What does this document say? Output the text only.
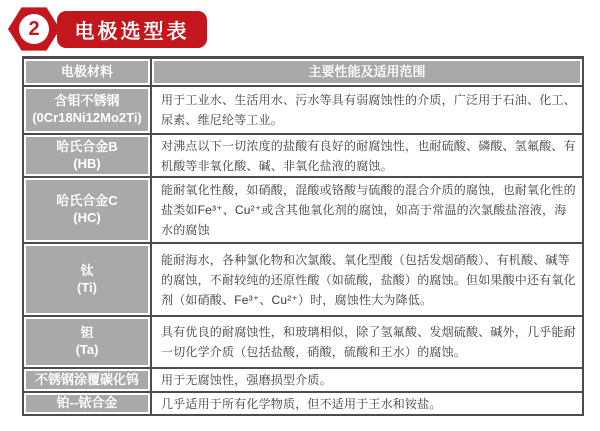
2 电极选型表
电极材料	主要性能及适用范围
含钼不锈钢
(0Cr18Ni12Mo2Ti)
用于工业水、生活用水、污水等具有弱腐蚀性的介质，广泛用于石油、化工、尿素、维尼纶等工业。
哈氏合金B
(HB)
对沸点以下一切浓度的盐酸有良好的耐腐蚀性，也耐硫酸、磷酸、氢氟酸、有机酸等非氧化酸、碱、非氧化盐液的腐蚀。
哈氏合金C
(HC)
能耐氧化性酸，如硝酸，混酸或铬酸与硫酸的混合介质的腐蚀，也耐氧化性的盐类如Fe³⁺、Cu²⁺或含其他氧化剂的腐蚀，如高于常温的次氯酸盐溶液，海水的腐蚀
钛
(Ti)
能耐海水，各种氯化物和次氯酸、氧化型酸（包括发烟硝酸）、有机酸、碱等的腐蚀，不耐较纯的还原性酸（如硫酸，盐酸）的腐蚀。但如果酸中还有氧化剂（如硝酸、Fe³⁺、Cu²⁺）时，腐蚀性大为降低。
钽
(Ta)
具有优良的耐腐蚀性，和玻璃相似，除了氢氟酸、发烟硫酸、碱外，几乎能耐一切化学介质（包括盐酸，硝酸，硫酸和王水）的腐蚀。
不锈钢涂覆碳化钨 用于无腐蚀性，强磨损型介质。
铂--铱合金	几乎适用于所有化学物质，但不适用于王水和铵盐。
